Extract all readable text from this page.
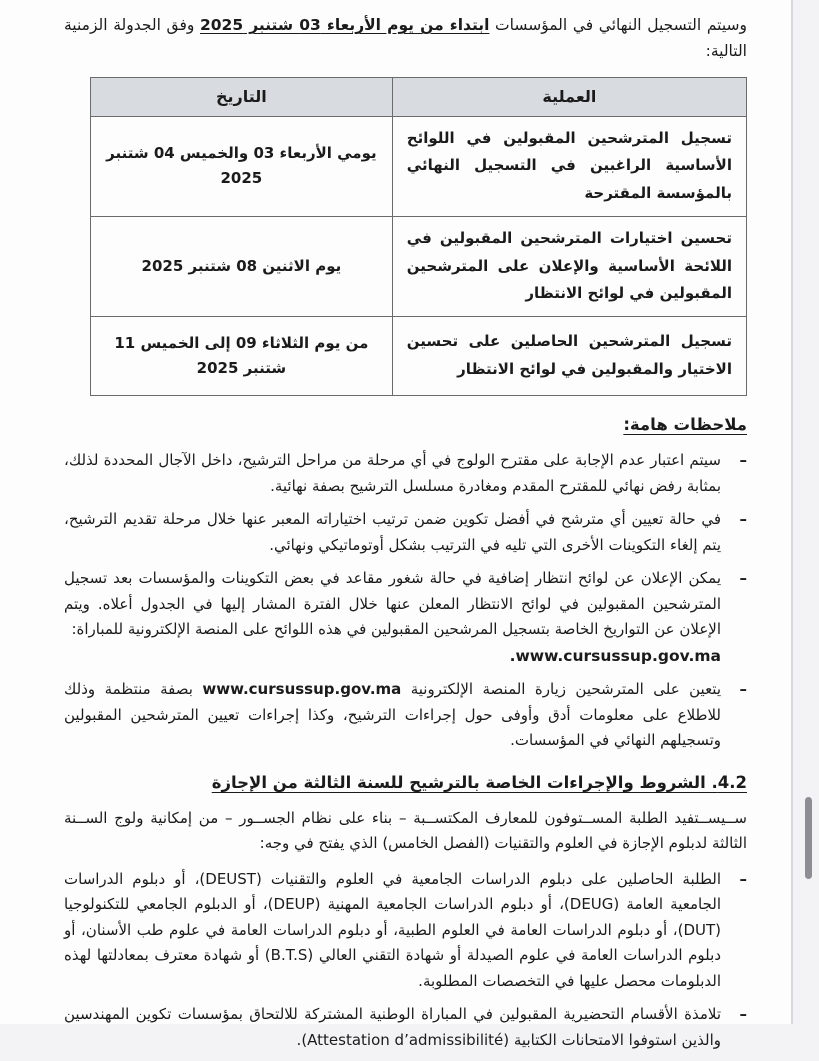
وسيتم التسجيل النهائي في المؤسسات ابتداء من يوم الأربعاء 03 شتنبر 2025 وفق الجدولة الزمنية التالية:

العملية	التاريخ
تسجيل المترشحين المقبولين في اللوائح الأساسية الراغبين في التسجيل النهائي بالمؤسسة المقترحة	يومي الأربعاء 03 والخميس 04 شتنبر 2025
تحسين اختيارات المترشحين المقبولين في اللائحة الأساسية والإعلان على المترشحين المقبولين في لوائح الانتظار	يوم الاثنين 08 شتنبر 2025
تسجيل المترشحين الحاصلين على تحسين الاختيار والمقبولين في لوائح الانتظار	من يوم الثلاثاء 09 إلى الخميس 11 شتنبر 2025
ملاحظات هامة:
–
سيتم اعتبار عدم الإجابة على مقترح الولوج في أي مرحلة من مراحل الترشيح، داخل الآجال المحددة لذلك، بمثابة رفض نهائي للمقترح المقدم ومغادرة مسلسل الترشيح بصفة نهائية.
–
في حالة تعيين أي مترشح في أفضل تكوين ضمن ترتيب اختياراته المعبر عنها خلال مرحلة تقديم الترشيح، يتم إلغاء التكوينات الأخرى التي تليه في الترتيب بشكل أوتوماتيكي ونهائي.
–
يمكن الإعلان عن لوائح انتظار إضافية في حالة شغور مقاعد في بعض التكوينات والمؤسسات بعد تسجيل المترشحين المقبولين في لوائح الانتظار المعلن عنها خلال الفترة المشار إليها في الجدول أعلاه. ويتم الإعلان عن التواريخ الخاصة بتسجيل المرشحين المقبولين في هذه اللوائح على المنصة الإلكترونية للمباراة:
.www.cursussup.gov.ma
–
يتعين على المترشحين زيارة المنصة الإلكترونية www.cursussup.gov.ma بصفة منتظمة وذلك للاطلاع على معلومات أدق وأوفى حول إجراءات الترشيح، وكذا إجراءات تعيين المترشحين المقبولين وتسجيلهم النهائي في المؤسسات.
4.2. الشروط والإجراءات الخاصة بالترشيح للسنة الثالثة من الإجازة

ســيســتفيد الطلبة المســتوفون للمعارف المكتســبة – بناء على نظام الجســور – من إمكانية ولوج الســنة الثالثة لدبلوم الإجازة في العلوم والتقنيات (الفصل الخامس) الذي يفتح في وجه:

–
الطلبة الحاصلين على دبلوم الدراسات الجامعية في العلوم والتقنيات (DEUST)، أو دبلوم الدراسات الجامعية العامة (DEUG)، أو دبلوم الدراسات الجامعية المهنية (DEUP)، أو الدبلوم الجامعي للتكنولوجيا (DUT)، أو دبلوم الدراسات العامة في العلوم الطبية، أو دبلوم الدراسات العامة في علوم طب الأسنان، أو دبلوم الدراسات العامة في علوم الصيدلة أو شهادة التقني العالي (B.T.S) أو شهادة معترف بمعادلتها لهذه الدبلومات محصل عليها في التخصصات المطلوبة.
–
تلامذة الأقسام التحضيرية المقبولين في المباراة الوطنية المشتركة للالتحاق بمؤسسات تكوين المهندسين والذين استوفوا الامتحانات الكتابية (Attestation d’admissibilité).
